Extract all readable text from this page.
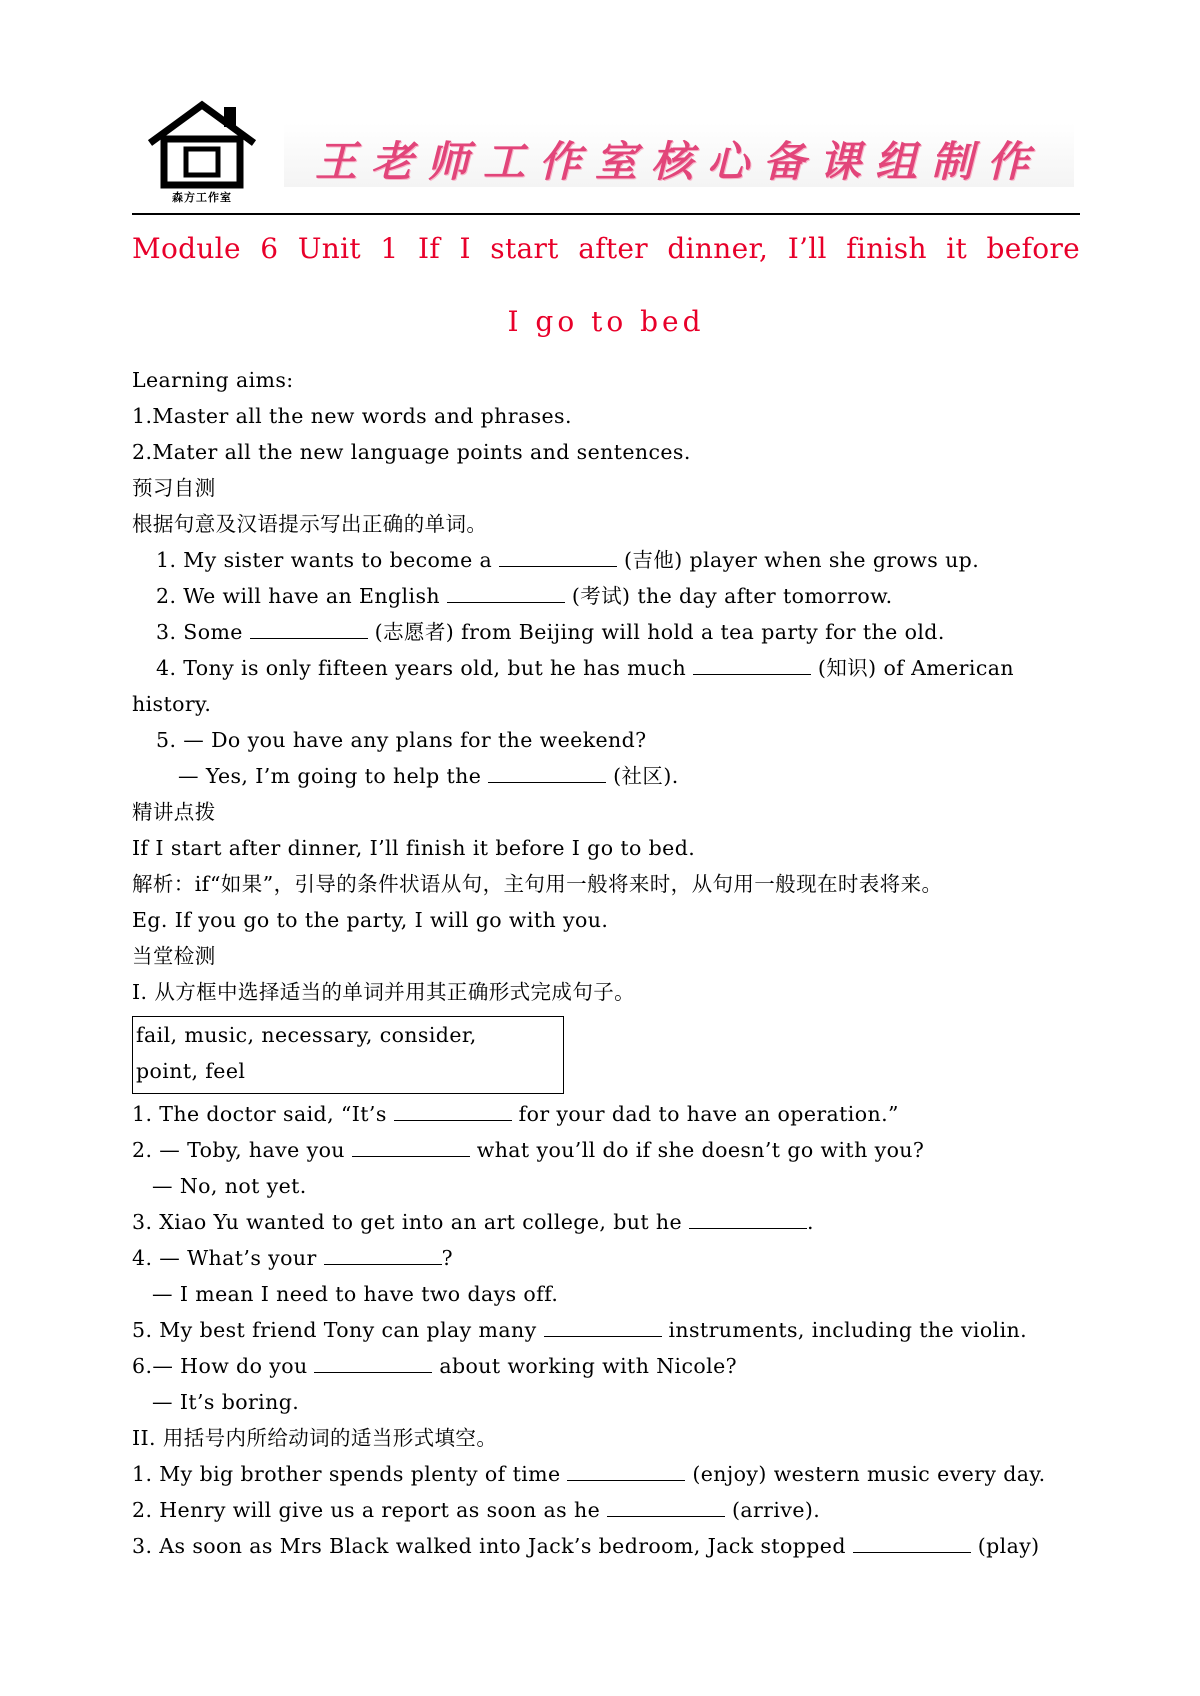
森方工作室
王老师工作室核心备课组制作
Module 6 Unit 1 If I start after dinner, I’ll finish it before
I go to bed
Learning aims:
1.Master all the new words and phrases.
2.Mater all the new language points and sentences.
预习自测
根据句意及汉语提示写出正确的单词。
1. My sister wants to become a	(吉他) player when she grows up.
2. We will have an English	(考试) the day after tomorrow.
3. Some	(志愿者) from Beijing will hold a tea party for the old.
4. Tony is only fifteen years old, but he has much	(知识) of American
history.
5. — Do you have any plans for the weekend?
— Yes, I’m going to help the	(社区).
精讲点拨
If I start after dinner, I’ll finish it before I go to bed.
解析：if“如果”，引导的条件状语从句，主句用一般将来时，从句用一般现在时表将来。
Eg. If you go to the party, I will go with you.
当堂检测
I. 从方框中选择适当的单词并用其正确形式完成句子。
fail, music, necessary, consider,
point, feel
1. The doctor said, “It’s	for your dad to have an operation.”
2. — Toby, have you	what you’ll do if she doesn’t go with you?
— No, not yet.
3. Xiao Yu wanted to get into an art college, but he	.
4. — What’s your	?
— I mean I need to have two days off.
5. My best friend Tony can play many	instruments, including the violin.
6.— How do you	about working with Nicole?
— It’s boring.
II. 用括号内所给动词的适当形式填空。
1. My big brother spends plenty of time	(enjoy) western music every day.
2. Henry will give us a report as soon as he	(arrive).
3. As soon as Mrs Black walked into Jack’s bedroom, Jack stopped	(play)
